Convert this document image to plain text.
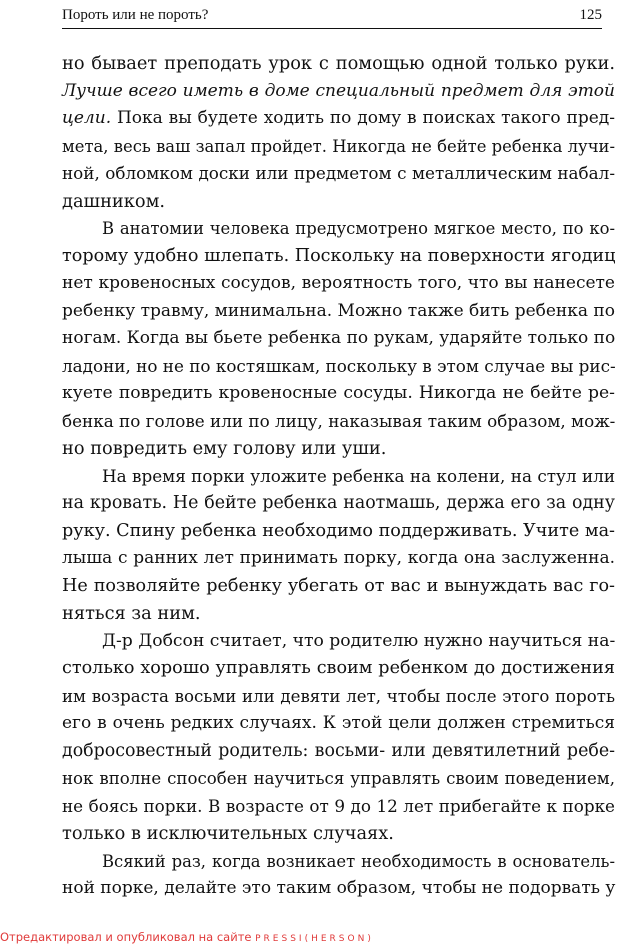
Пороть или не пороть?	125
но бывает преподать урок с помощью одной только руки.
Лучше всего иметь в доме специальный предмет для этой
цели. Пока вы будете ходить по дому в поисках такого пред-
мета, весь ваш запал пройдет. Никогда не бейте ребенка лучи-
ной, обломком доски или предметом с металлическим набал-
дашником.
В анатомии человека предусмотрено мягкое место, по ко-
торому удобно шлепать. Поскольку на поверхности ягодиц
нет кровеносных сосудов, вероятность того, что вы нанесете
ребенку травму, минимальна. Можно также бить ребенка по
ногам. Когда вы бьете ребенка по рукам, ударяйте только по
ладони, но не по костяшкам, поскольку в этом случае вы рис-
куете повредить кровеносные сосуды. Никогда не бейте ре-
бенка по голове или по лицу, наказывая таким образом, мож-
но повредить ему голову или уши.
На время порки уложите ребенка на колени, на стул или
на кровать. Не бейте ребенка наотмашь, держа его за одну
руку. Спину ребенка необходимо поддерживать. Учите ма-
лыша с ранних лет принимать порку, когда она заслуженна.
Не позволяйте ребенку убегать от вас и вынуждать вас го-
няться за ним.
Д-р Добсон считает, что родителю нужно научиться на-
столько хорошо управлять своим ребенком до достижения
им возраста восьми или девяти лет, чтобы после этого пороть
его в очень редких случаях. К этой цели должен стремиться
добросовестный родитель: восьми- или девятилетний ребе-
нок вполне способен научиться управлять своим поведением,
не боясь порки. В возрасте от 9 до 12 лет прибегайте к порке
только в исключительных случаях.
Всякий раз, когда возникает необходимость в основатель-
ной порке, делайте это таким образом, чтобы не подорвать у
Отредактировал и опубликовал на сайте PRESSI(HERSON)
